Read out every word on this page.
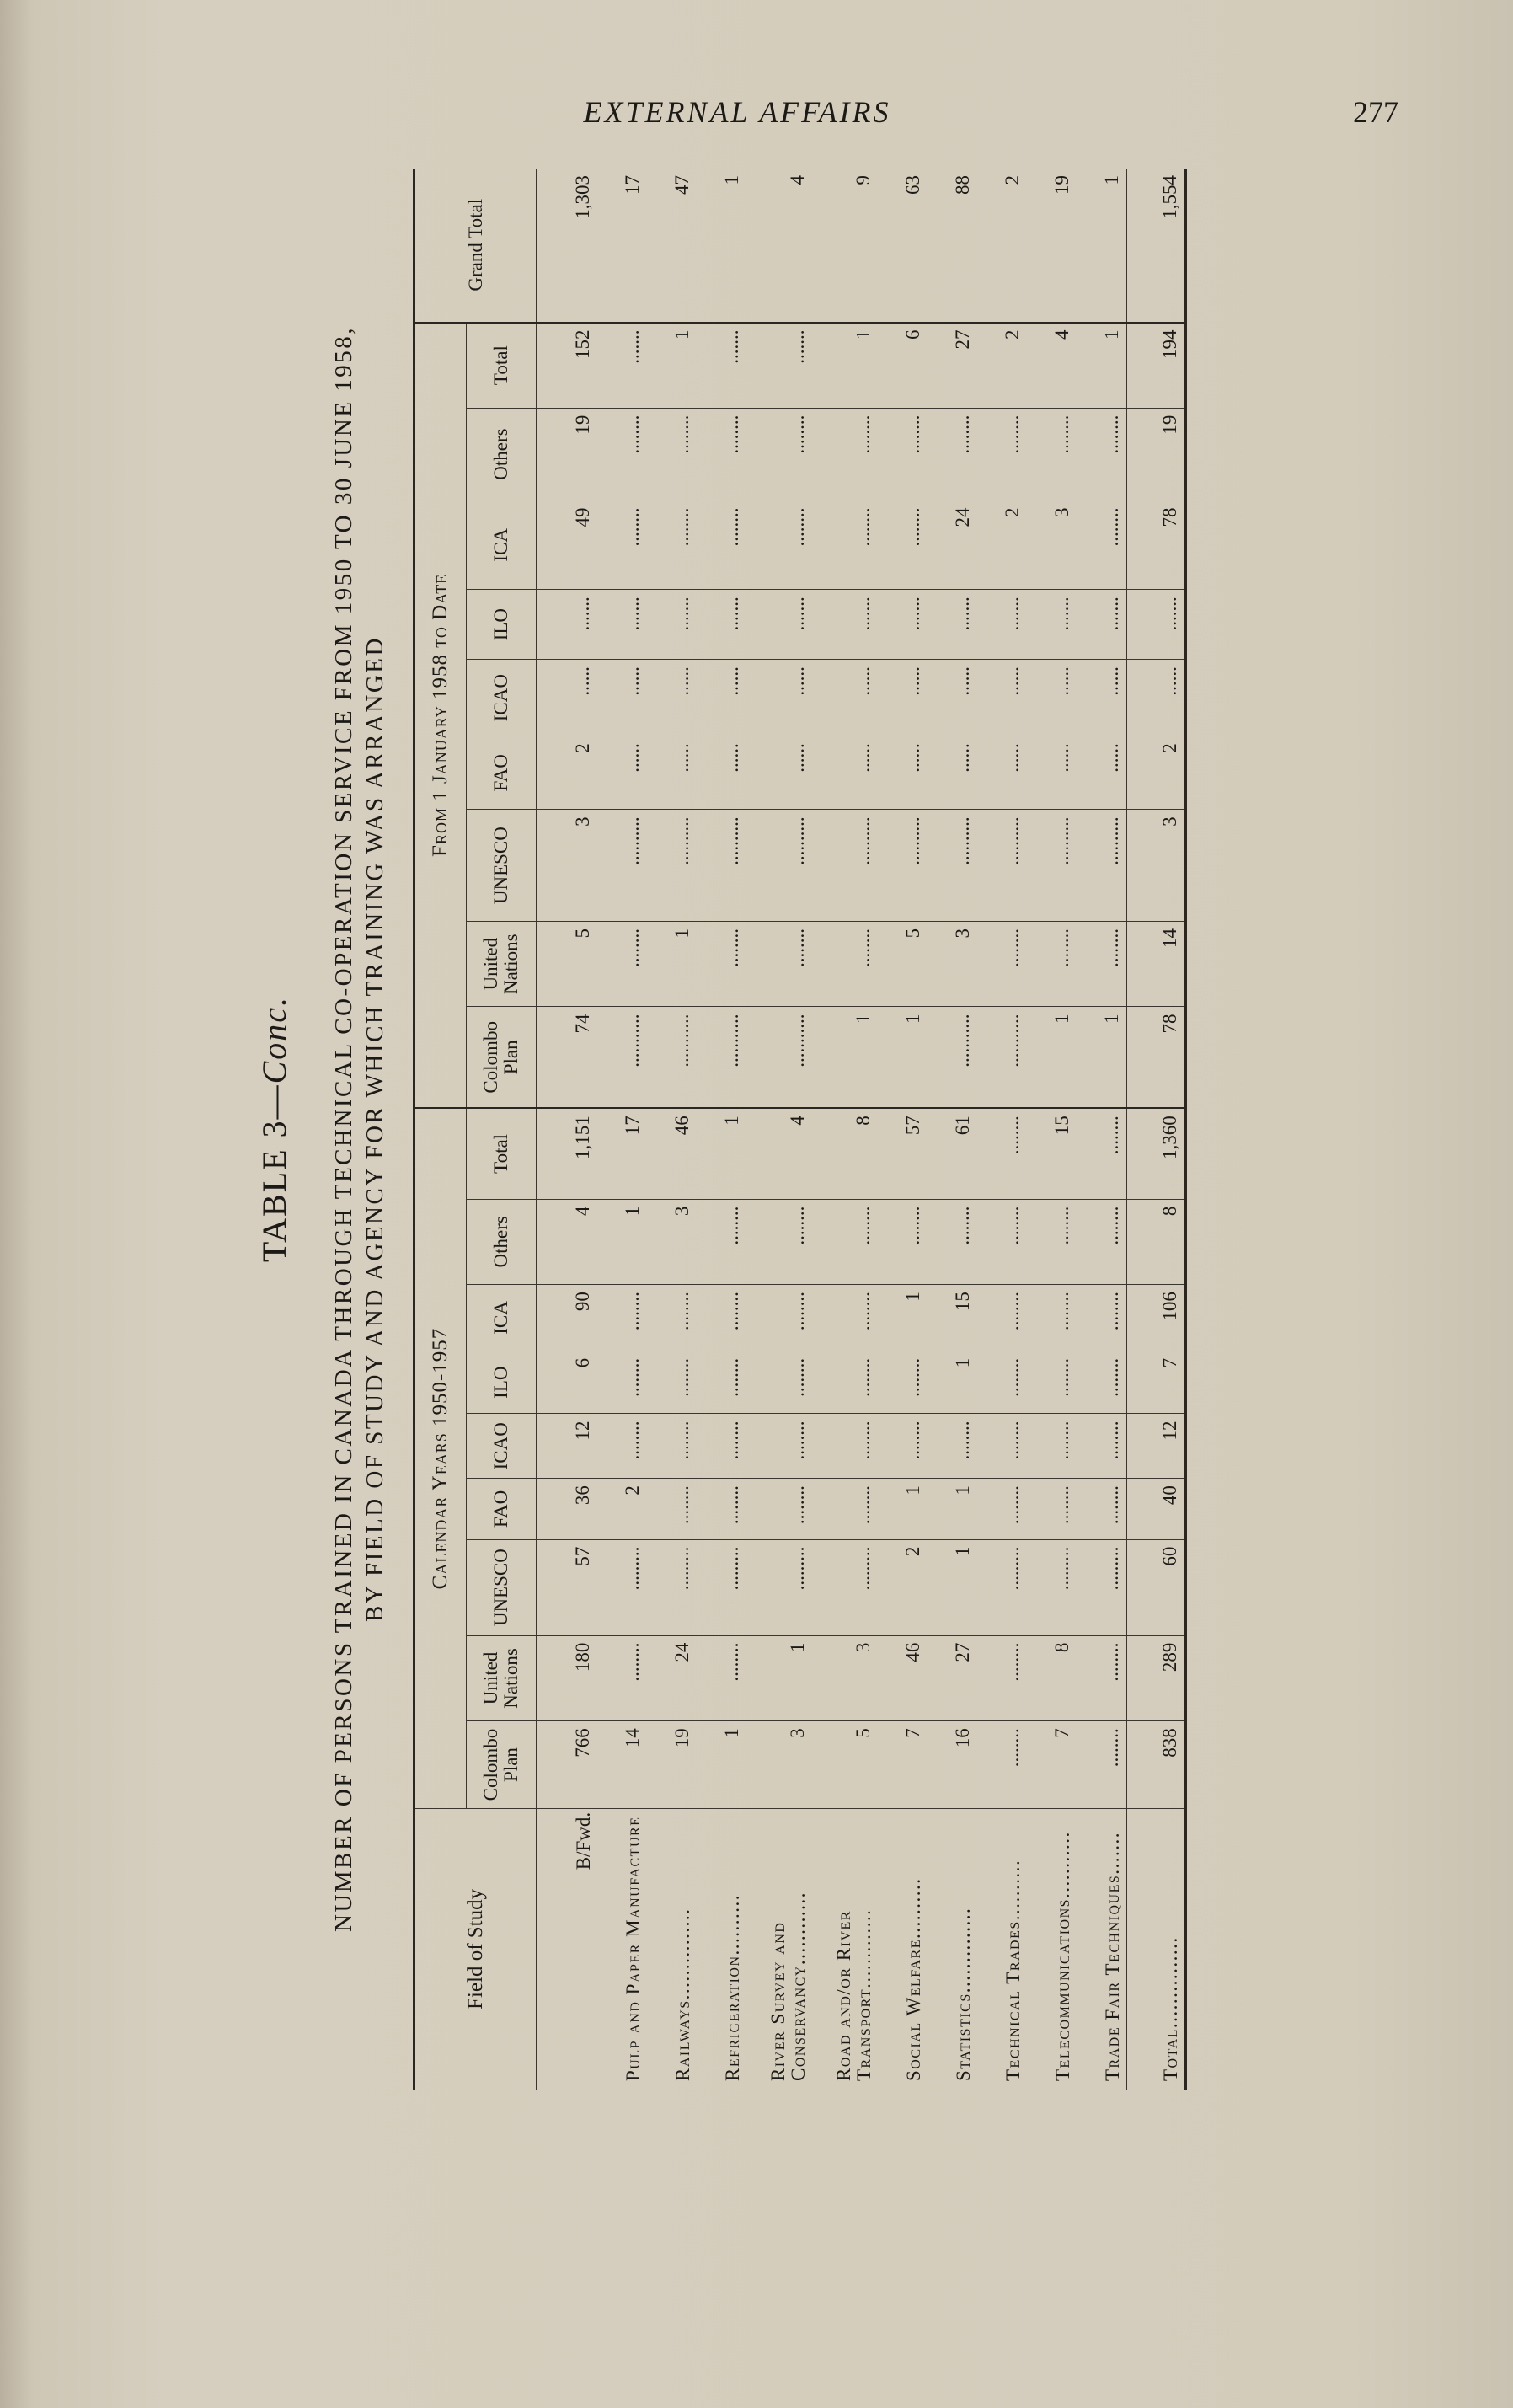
EXTERNAL AFFAIRS	277
TABLE 3—Conc. NUMBER OF PERSONS TRAINED IN CANADA THROUGH TECHNICAL CO-OPERATION SERVICE FROM 1950 TO 30 JUNE 1958, BY FIELD OF STUDY AND AGENCY FOR WHICH TRAINING WAS ARRANGED
Field of Study	Calendar Years 1950-1957									From 1 January 1958 to Date									Grand Total
	Colombo Plan	United Nations	UNESCO	FAO	ICAO	ILO	ICA	Others	Total	Colombo Plan	United Nations	UNESCO	FAO	ICAO	ILO	ICA	Others	Total	
B/Fwd.	766	180	57	36	12	6	90	4	1,151	74	5	3	2	......	.......	49	19	152	1,303
Pulp and Paper Manufacture	14	........	.........	2	........	........	........	1	17	...........	........	..........	......	......	.......	........	........	.......	17
Railways...............	19	24	.........	........	........	........	........	3	46	...........	1	..........	......	......	.......	........	........	1	47
Refrigeration..........	1	........	.........	........	........	........	........	........	1	...........	........	..........	......	......	.......	........	........	.......	1
River Survey and Conservancy............	3	1	.........	........	........	........	........	........	4	...........	........	..........	......	......	.......	........	........	.......	4
Road and/or River Transport.............	5	3	.........	........	........	........	........	........	8	1	........	..........	......	......	.......	........	........	1	9
Social Welfare..........	7	46	2	1	........	........	1	........	57	1	5	..........	......	......	.......	........	........	6	63
Statistics..............	16	27	1	1	........	1	15	........	61	...........	3	..........	......	......	.......	24	........	27	88
Technical Trades..........	........	........	.........	........	........	........	........	........	........	...........	........	..........	......	......	.......	2	........	2	2
Telecommunications...........	7	8	.........	........	........	........	........	........	15	1	........	..........	......	......	.......	3	........	4	19
Trade Fair Techniques.......	........	........	.........	........	........	........	........	........	........	1	........	..........	......	......	.......	........	........	1	1
Total...............	838	289	60	40	12	7	106	8	1,360	78	14	3	2	......	.......	78	19	194	1,554
